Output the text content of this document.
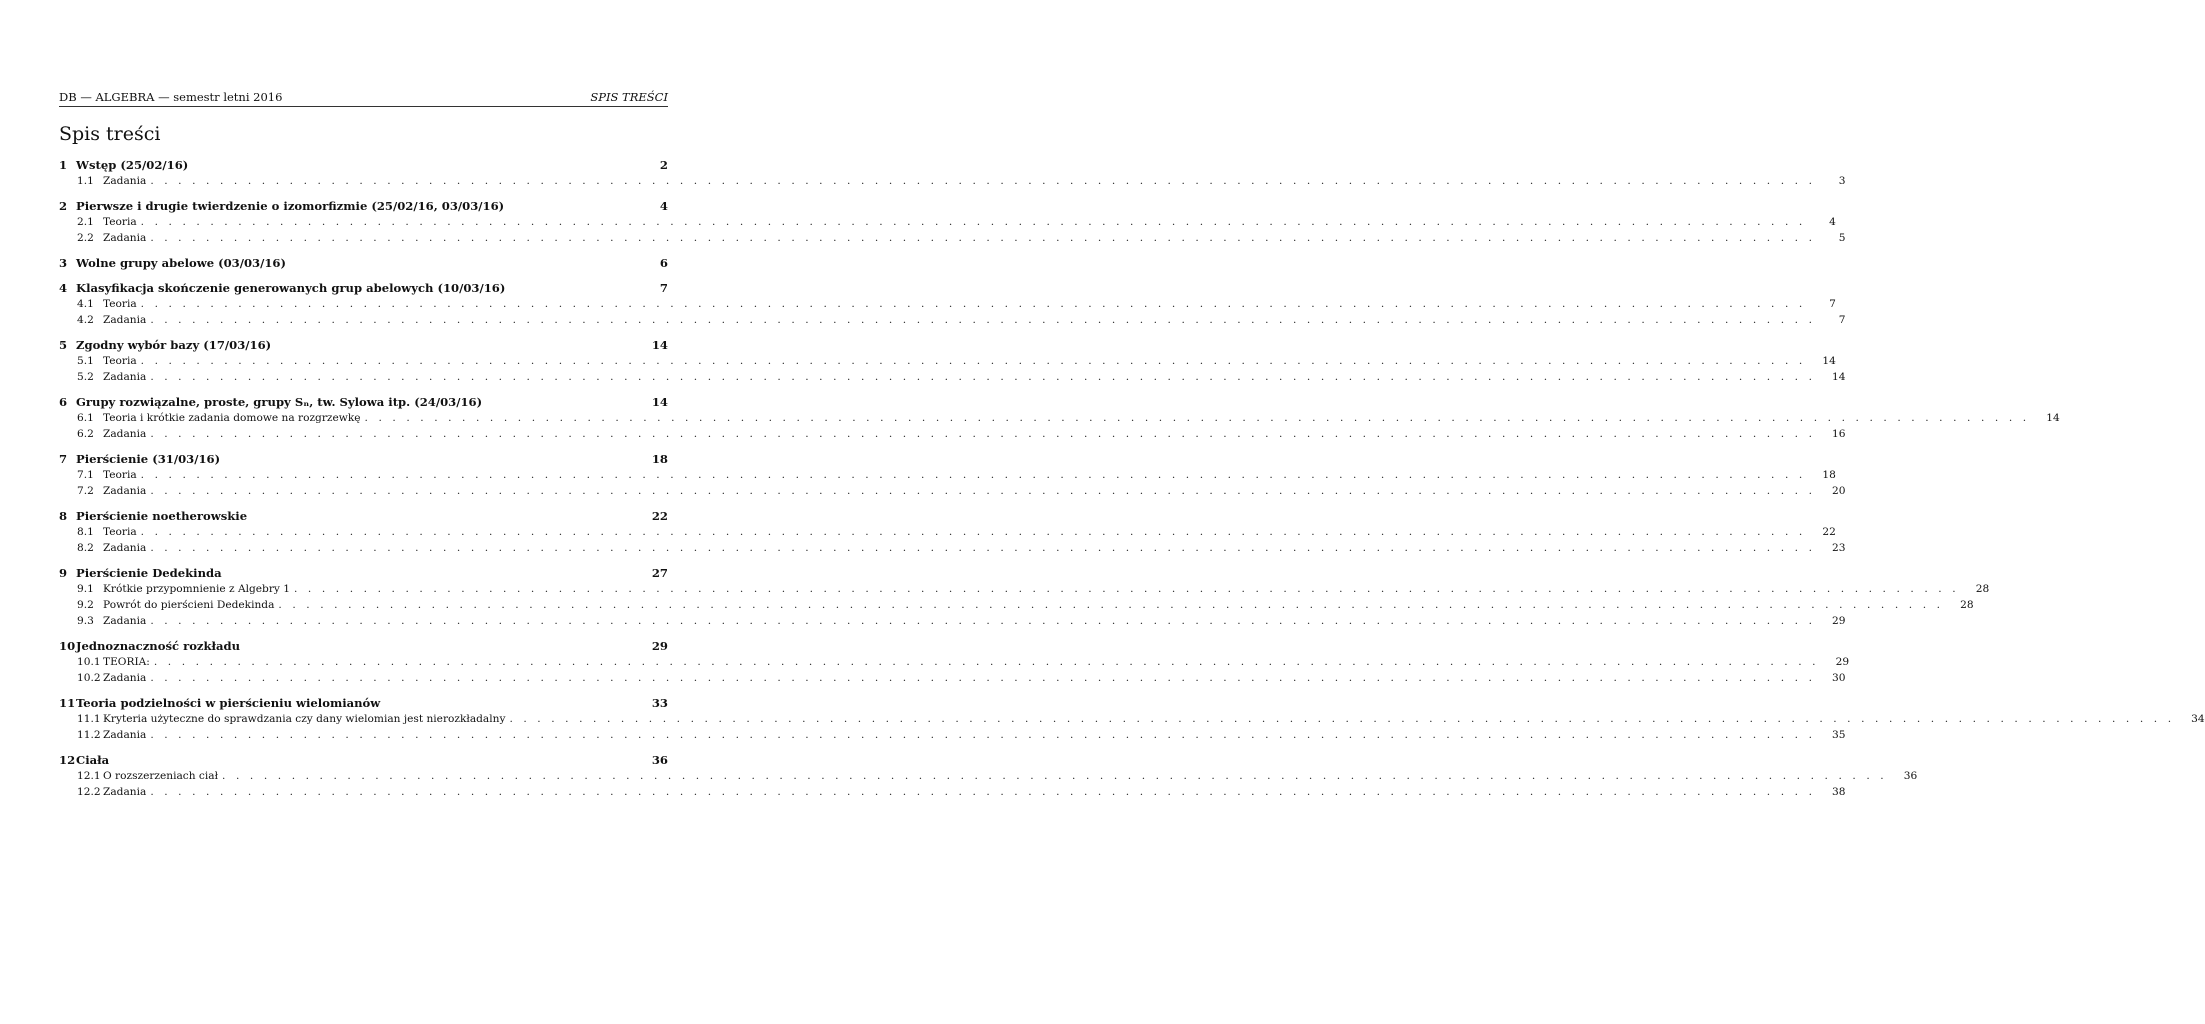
DB — ALGEBRA — semestr letni 2016	SPIS TREŚCI
Spis treści
1 Wstęp (25/02/16)	2
1.1 Zadania . . . . . . . . . . . . . . . . . . . . . . . . . . . . . . . . . . . . . . . . . . . . . . . . . . . . . . . . . . . . . . . . . . . . . . . . . . . . . . . . . . . . . . . . . . . . . . . . . . . . . . . . . . . . . . . . . . . . . . . .	3
2 Pierwsze i drugie twierdzenie o izomorfizmie (25/02/16, 03/03/16)	4
2.1 Teoria . . . . . . . . . . . . . . . . . . . . . . . . . . . . . . . . . . . . . . . . . . . . . . . . . . . . . . . . . . . . . . . . . . . . . . . . . . . . . . . . . . . . . . . . . . . . . . . . . . . . . . . . . . . . . . . . . . . . . . . .	4
2.2 Zadania . . . . . . . . . . . . . . . . . . . . . . . . . . . . . . . . . . . . . . . . . . . . . . . . . . . . . . . . . . . . . . . . . . . . . . . . . . . . . . . . . . . . . . . . . . . . . . . . . . . . . . . . . . . . . . . . . . . . . . . .	5
3 Wolne grupy abelowe (03/03/16)	6
4 Klasyfikacja skończenie generowanych grup abelowych (10/03/16)	7
4.1 Teoria . . . . . . . . . . . . . . . . . . . . . . . . . . . . . . . . . . . . . . . . . . . . . . . . . . . . . . . . . . . . . . . . . . . . . . . . . . . . . . . . . . . . . . . . . . . . . . . . . . . . . . . . . . . . . . . . . . . . . . . .	7
4.2 Zadania . . . . . . . . . . . . . . . . . . . . . . . . . . . . . . . . . . . . . . . . . . . . . . . . . . . . . . . . . . . . . . . . . . . . . . . . . . . . . . . . . . . . . . . . . . . . . . . . . . . . . . . . . . . . . . . . . . . . . . . .	7
5 Zgodny wybór bazy (17/03/16)	14
5.1 Teoria . . . . . . . . . . . . . . . . . . . . . . . . . . . . . . . . . . . . . . . . . . . . . . . . . . . . . . . . . . . . . . . . . . . . . . . . . . . . . . . . . . . . . . . . . . . . . . . . . . . . . . . . . . . . . . . . . . . . . . . .	14
5.2 Zadania . . . . . . . . . . . . . . . . . . . . . . . . . . . . . . . . . . . . . . . . . . . . . . . . . . . . . . . . . . . . . . . . . . . . . . . . . . . . . . . . . . . . . . . . . . . . . . . . . . . . . . . . . . . . . . . . . . . . . . . .	14
6 Grupy rozwiązalne, proste, grupy Sₙ, tw. Sylowa itp. (24/03/16)	14
6.1 Teoria i krótkie zadania domowe na rozgrzewkę . . . . . . . . . . . . . . . . . . . . . . . . . . . . . . . . . . . . . . . . . . . . . . . . . . . . . . . . . . . . . . . . . . . . . . . . . . . . . . . . . . . . . . . . . . . . . . . . . . . . . . . . . . . . . . . . . . . . . . . .	14
6.2 Zadania . . . . . . . . . . . . . . . . . . . . . . . . . . . . . . . . . . . . . . . . . . . . . . . . . . . . . . . . . . . . . . . . . . . . . . . . . . . . . . . . . . . . . . . . . . . . . . . . . . . . . . . . . . . . . . . . . . . . . . . .	16
7 Pierścienie (31/03/16)	18
7.1 Teoria . . . . . . . . . . . . . . . . . . . . . . . . . . . . . . . . . . . . . . . . . . . . . . . . . . . . . . . . . . . . . . . . . . . . . . . . . . . . . . . . . . . . . . . . . . . . . . . . . . . . . . . . . . . . . . . . . . . . . . . .	18
7.2 Zadania . . . . . . . . . . . . . . . . . . . . . . . . . . . . . . . . . . . . . . . . . . . . . . . . . . . . . . . . . . . . . . . . . . . . . . . . . . . . . . . . . . . . . . . . . . . . . . . . . . . . . . . . . . . . . . . . . . . . . . . .	20
8 Pierścienie noetherowskie	22
8.1 Teoria . . . . . . . . . . . . . . . . . . . . . . . . . . . . . . . . . . . . . . . . . . . . . . . . . . . . . . . . . . . . . . . . . . . . . . . . . . . . . . . . . . . . . . . . . . . . . . . . . . . . . . . . . . . . . . . . . . . . . . . .	22
8.2 Zadania . . . . . . . . . . . . . . . . . . . . . . . . . . . . . . . . . . . . . . . . . . . . . . . . . . . . . . . . . . . . . . . . . . . . . . . . . . . . . . . . . . . . . . . . . . . . . . . . . . . . . . . . . . . . . . . . . . . . . . . .	23
9 Pierścienie Dedekinda	27
9.1 Krótkie przypomnienie z Algebry 1 . . . . . . . . . . . . . . . . . . . . . . . . . . . . . . . . . . . . . . . . . . . . . . . . . . . . . . . . . . . . . . . . . . . . . . . . . . . . . . . . . . . . . . . . . . . . . . . . . . . . . . . . . . . . . . . . . . . . . . . .	28
9.2 Powrót do pierścieni Dedekinda . . . . . . . . . . . . . . . . . . . . . . . . . . . . . . . . . . . . . . . . . . . . . . . . . . . . . . . . . . . . . . . . . . . . . . . . . . . . . . . . . . . . . . . . . . . . . . . . . . . . . . . . . . . . . . . . . . . . . . . .	28
9.3 Zadania . . . . . . . . . . . . . . . . . . . . . . . . . . . . . . . . . . . . . . . . . . . . . . . . . . . . . . . . . . . . . . . . . . . . . . . . . . . . . . . . . . . . . . . . . . . . . . . . . . . . . . . . . . . . . . . . . . . . . . . .	29
10 Jednoznaczność rozkładu	29
10.1 TEORIA: . . . . . . . . . . . . . . . . . . . . . . . . . . . . . . . . . . . . . . . . . . . . . . . . . . . . . . . . . . . . . . . . . . . . . . . . . . . . . . . . . . . . . . . . . . . . . . . . . . . . . . . . . . . . . . . . . . . . . . . .	29
10.2 Zadania . . . . . . . . . . . . . . . . . . . . . . . . . . . . . . . . . . . . . . . . . . . . . . . . . . . . . . . . . . . . . . . . . . . . . . . . . . . . . . . . . . . . . . . . . . . . . . . . . . . . . . . . . . . . . . . . . . . . . . . .	30
11 Teoria podzielności w pierścieniu wielomianów	33
11.1 Kryteria użyteczne do sprawdzania czy dany wielomian jest nierozkładalny . . . . . . . . . . . . . . . . . . . . . . . . . . . . . . . . . . . . . . . . . . . . . . . . . . . . . . . . . . . . . . . . . . . . . . . . . . . . . . . . . . . . . . . . . . . . . . . . . . . . . . . . . . . . . . . . . . . . . . . .	34
11.2 Zadania . . . . . . . . . . . . . . . . . . . . . . . . . . . . . . . . . . . . . . . . . . . . . . . . . . . . . . . . . . . . . . . . . . . . . . . . . . . . . . . . . . . . . . . . . . . . . . . . . . . . . . . . . . . . . . . . . . . . . . . .	35
12 Ciała	36
12.1 O rozszerzeniach ciał . . . . . . . . . . . . . . . . . . . . . . . . . . . . . . . . . . . . . . . . . . . . . . . . . . . . . . . . . . . . . . . . . . . . . . . . . . . . . . . . . . . . . . . . . . . . . . . . . . . . . . . . . . . . . . . . . . . . . . . .	36
12.2 Zadania . . . . . . . . . . . . . . . . . . . . . . . . . . . . . . . . . . . . . . . . . . . . . . . . . . . . . . . . . . . . . . . . . . . . . . . . . . . . . . . . . . . . . . . . . . . . . . . . . . . . . . . . . . . . . . . . . . . . . . . .	38
